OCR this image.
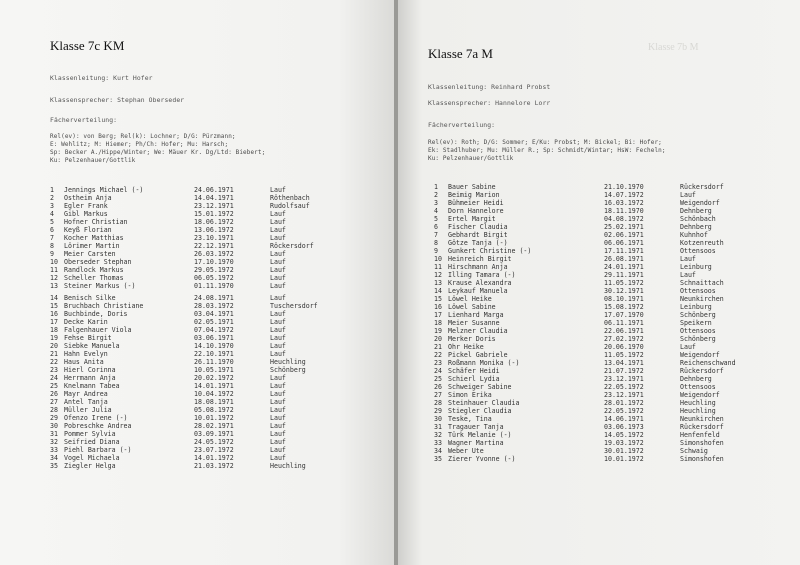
Klasse 7c KM
Klassenleitung: Kurt Hofer
Klassensprecher: Stephan Oberseder
Fächerverteilung:
Rel(ev): von Berg; Rel(k): Lochner; D/G: Pürzmann;
E: Wehlitz; M: Hiemer; Ph/Ch: Hofer; Mu: Harsch;
Sp: Becker A./Hippe/Winter; We: Mäuer Kr. Dg/Ltd: Biebert;
Ku: Pelzenhauer/Gottlik
1 Jennings Michael (-)	24.06.1971	Lauf
2 Ostheim Anja	14.04.1971	Röthenbach
3 Egler Frank	23.12.1971	Rudolfsauf
4 Gibl Markus	15.01.1972	Lauf
5 Hofner Christian	18.06.1972	Lauf
6 Keyß Florian	13.06.1972	Lauf
7 Kocher Matthias	23.10.1971	Lauf
8 Lörimer Martin	22.12.1971	Röckersdorf
9 Meier Carsten	26.03.1972	Lauf
10 Oberseder Stephan	17.10.1970	Lauf
11 Randlock Markus	29.05.1972	Lauf
12 Scheller Thomas	06.05.1972	Lauf
13 Steiner Markus (-)	01.11.1970	Lauf
14 Benisch Silke	24.08.1971	Lauf
15 Bruchbach Christiane	28.03.1972	Tuschersdorf
16 Buchbinde, Doris	03.04.1971	Lauf
17 Decke Karin	02.05.1971	Lauf
18 Falgenhauer Viola	07.04.1972	Lauf
19 Fehse Birgit	03.06.1971	Lauf
20 Siebke Manuela	14.10.1970	Lauf
21 Hahn Evelyn	22.10.1971	Lauf
22 Haus Anita	26.11.1970	Heuchling
23 Hierl Corinna	10.05.1971	Schönberg
24 Herrmann Anja	20.02.1972	Lauf
25 Knelmann Tabea	14.01.1971	Lauf
26 Mayr Andrea	10.04.1972	Lauf
27 Antel Tanja	18.08.1971	Lauf
28 Müller Julia	05.08.1972	Lauf
29 Ofenzo Irene (-)	10.01.1972	Lauf
30 Pobreschke Andrea	28.02.1971	Lauf
31 Pommer Sylvia	03.09.1971	Lauf
32 Seifried Diana	24.05.1972	Lauf
33 Piehl Barbara (-)	23.07.1972	Lauf
34 Vogel Michaela	14.01.1972	Lauf
35 Ziegler Helga	21.03.1972	Heuchling
Klasse 7b M
Klasse 7a M
Klassenleitung: Reinhard Probst
Klassensprecher: Hannelore Lorr
Fächerverteilung:
Rel(ev): Roth; D/G: Sommer; E/Ku: Probst; M: Bickel; Bi: Hofer;
Ek: Stadlhuber; Mu: Müller R.; Sp: Schmidt/Wintar; HsW: Fecheln;
Ku: Pelzenhauer/Gottlik
1 Bauer Sabine	21.10.1970	Rückersdorf
2 Beimig Marion	14.07.1972	Lauf
3 Bühmeier Heidi	16.03.1972	Weigendorf
4 Dorn Hannelore	18.11.1970	Dehnberg
5 Ertel Margit	04.08.1972	Schönbach
6 Fischer Claudia	25.02.1971	Dehnberg
7 Gebhardt Birgit	02.06.1971	Kuhnhof
8 Götze Tanja (-)	06.06.1971	Kotzenreuth
9 Gunkert Christine (-)	17.11.1971	Ottensoos
10 Heinreich Birgit	26.08.1971	Lauf
11 Hirschmann Anja	24.01.1971	Leinburg
12 Illing Tamara (-)	29.11.1971	Lauf
13 Krause Alexandra	11.05.1972	Schnaittach
14 Leykauf Manuela	30.12.1971	Ottensoos
15 Löwel Heike	08.10.1971	Neunkirchen
16 Löwel Sabine	15.08.1972	Leinburg
17 Lienhard Marga	17.07.1970	Schönberg
18 Meier Susanne	06.11.1971	Speikern
19 Melzner Claudia	22.06.1971	Ottensoos
20 Merker Doris	27.02.1972	Schönberg
21 Ohr Heike	20.06.1970	Lauf
22 Pickel Gabriele	11.05.1972	Weigendorf
23 Roßmann Monika (-)	13.04.1971	Reichenschwand
24 Schäfer Heidi	21.07.1972	Rückersdorf
25 Schierl Lydia	23.12.1971	Dehnberg
26 Schweiger Sabine	22.05.1972	Ottensoos
27 Simon Erika	23.12.1971	Weigendorf
28 Steinhauer Claudia	28.01.1972	Heuchling
29 Stiegler Claudia	22.05.1972	Heuchling
30 Teske, Tina	14.06.1971	Neunkirchen
31 Tragauer Tanja	03.06.1973	Rückersdorf
32 Türk Melanie (-)	14.05.1972	Henfenfeld
33 Wagner Martina	19.03.1972	Simonshofen
34 Weber Ute	30.01.1972	Schwaig
35 Zierer Yvonne (-)	10.01.1972	Simonshofen
